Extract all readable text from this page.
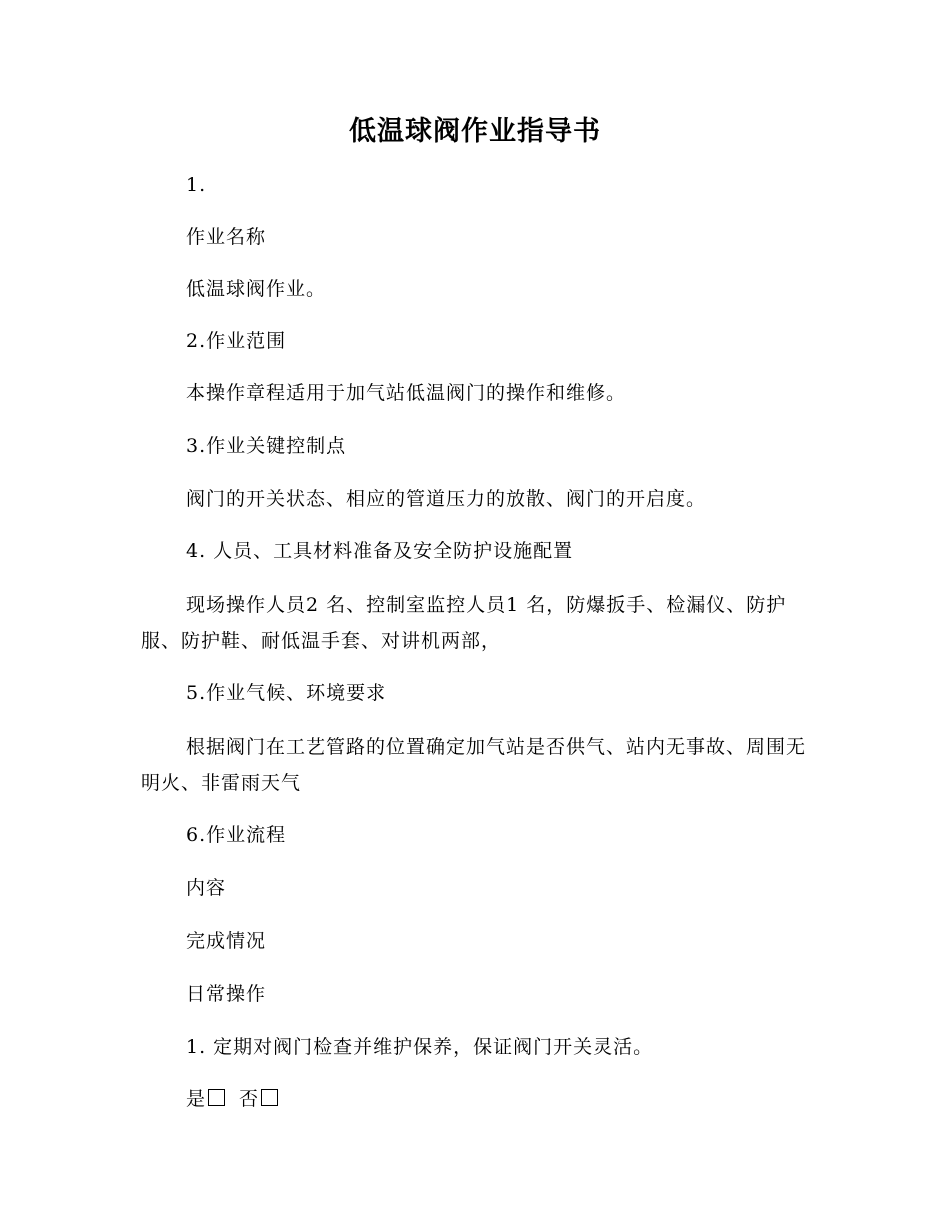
低温球阀作业指导书
1.
作业名称
低温球阀作业。
2.作业范围
本操作章程适用于加气站低温阀门的操作和维修。
3.作业关键控制点
阀门的开关状态、相应的管道压力的放散、阀门的开启度。
4. 人员、工具材料准备及安全防护设施配置
现场操作人员2 名、控制室监控人员1 名，防爆扳手、检漏仪、防护服、防护鞋、耐低温手套、对讲机两部，
5.作业气候、环境要求
根据阀门在工艺管路的位置确定加气站是否供气、站内无事故、周围无明火、非雷雨天气
6.作业流程
内容
完成情况
日常操作
1. 定期对阀门检查并维护保养，保证阀门开关灵活。
是 否
